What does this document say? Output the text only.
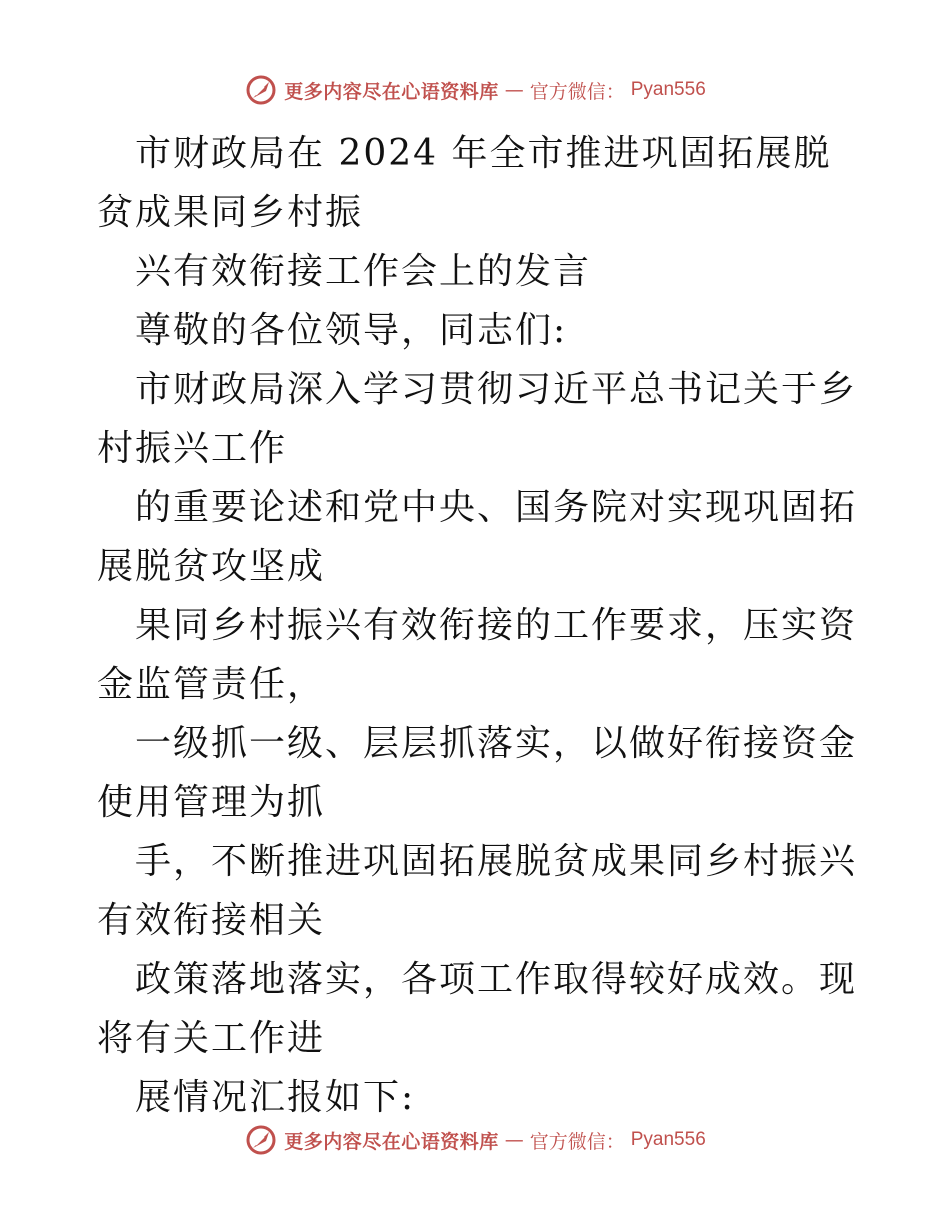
更多内容尽在心语资料库 — 官方微信： Pyan556

市财政局在 2024 年全市推进巩固拓展脱贫成果同乡村振

兴有效衔接工作会上的发言

尊敬的各位领导，同志们:

市财政局深入学习贯彻习近平总书记关于乡村振兴工作

的重要论述和党中央、国务院对实现巩固拓展脱贫攻坚成

果同乡村振兴有效衔接的工作要求，压实资金监管责任，

一级抓一级、层层抓落实，以做好衔接资金使用管理为抓

手，不断推进巩固拓展脱贫成果同乡村振兴有效衔接相关

政策落地落实，各项工作取得较好成效。现将有关工作进

展情况汇报如下:

更多内容尽在心语资料库 — 官方微信： Pyan556
